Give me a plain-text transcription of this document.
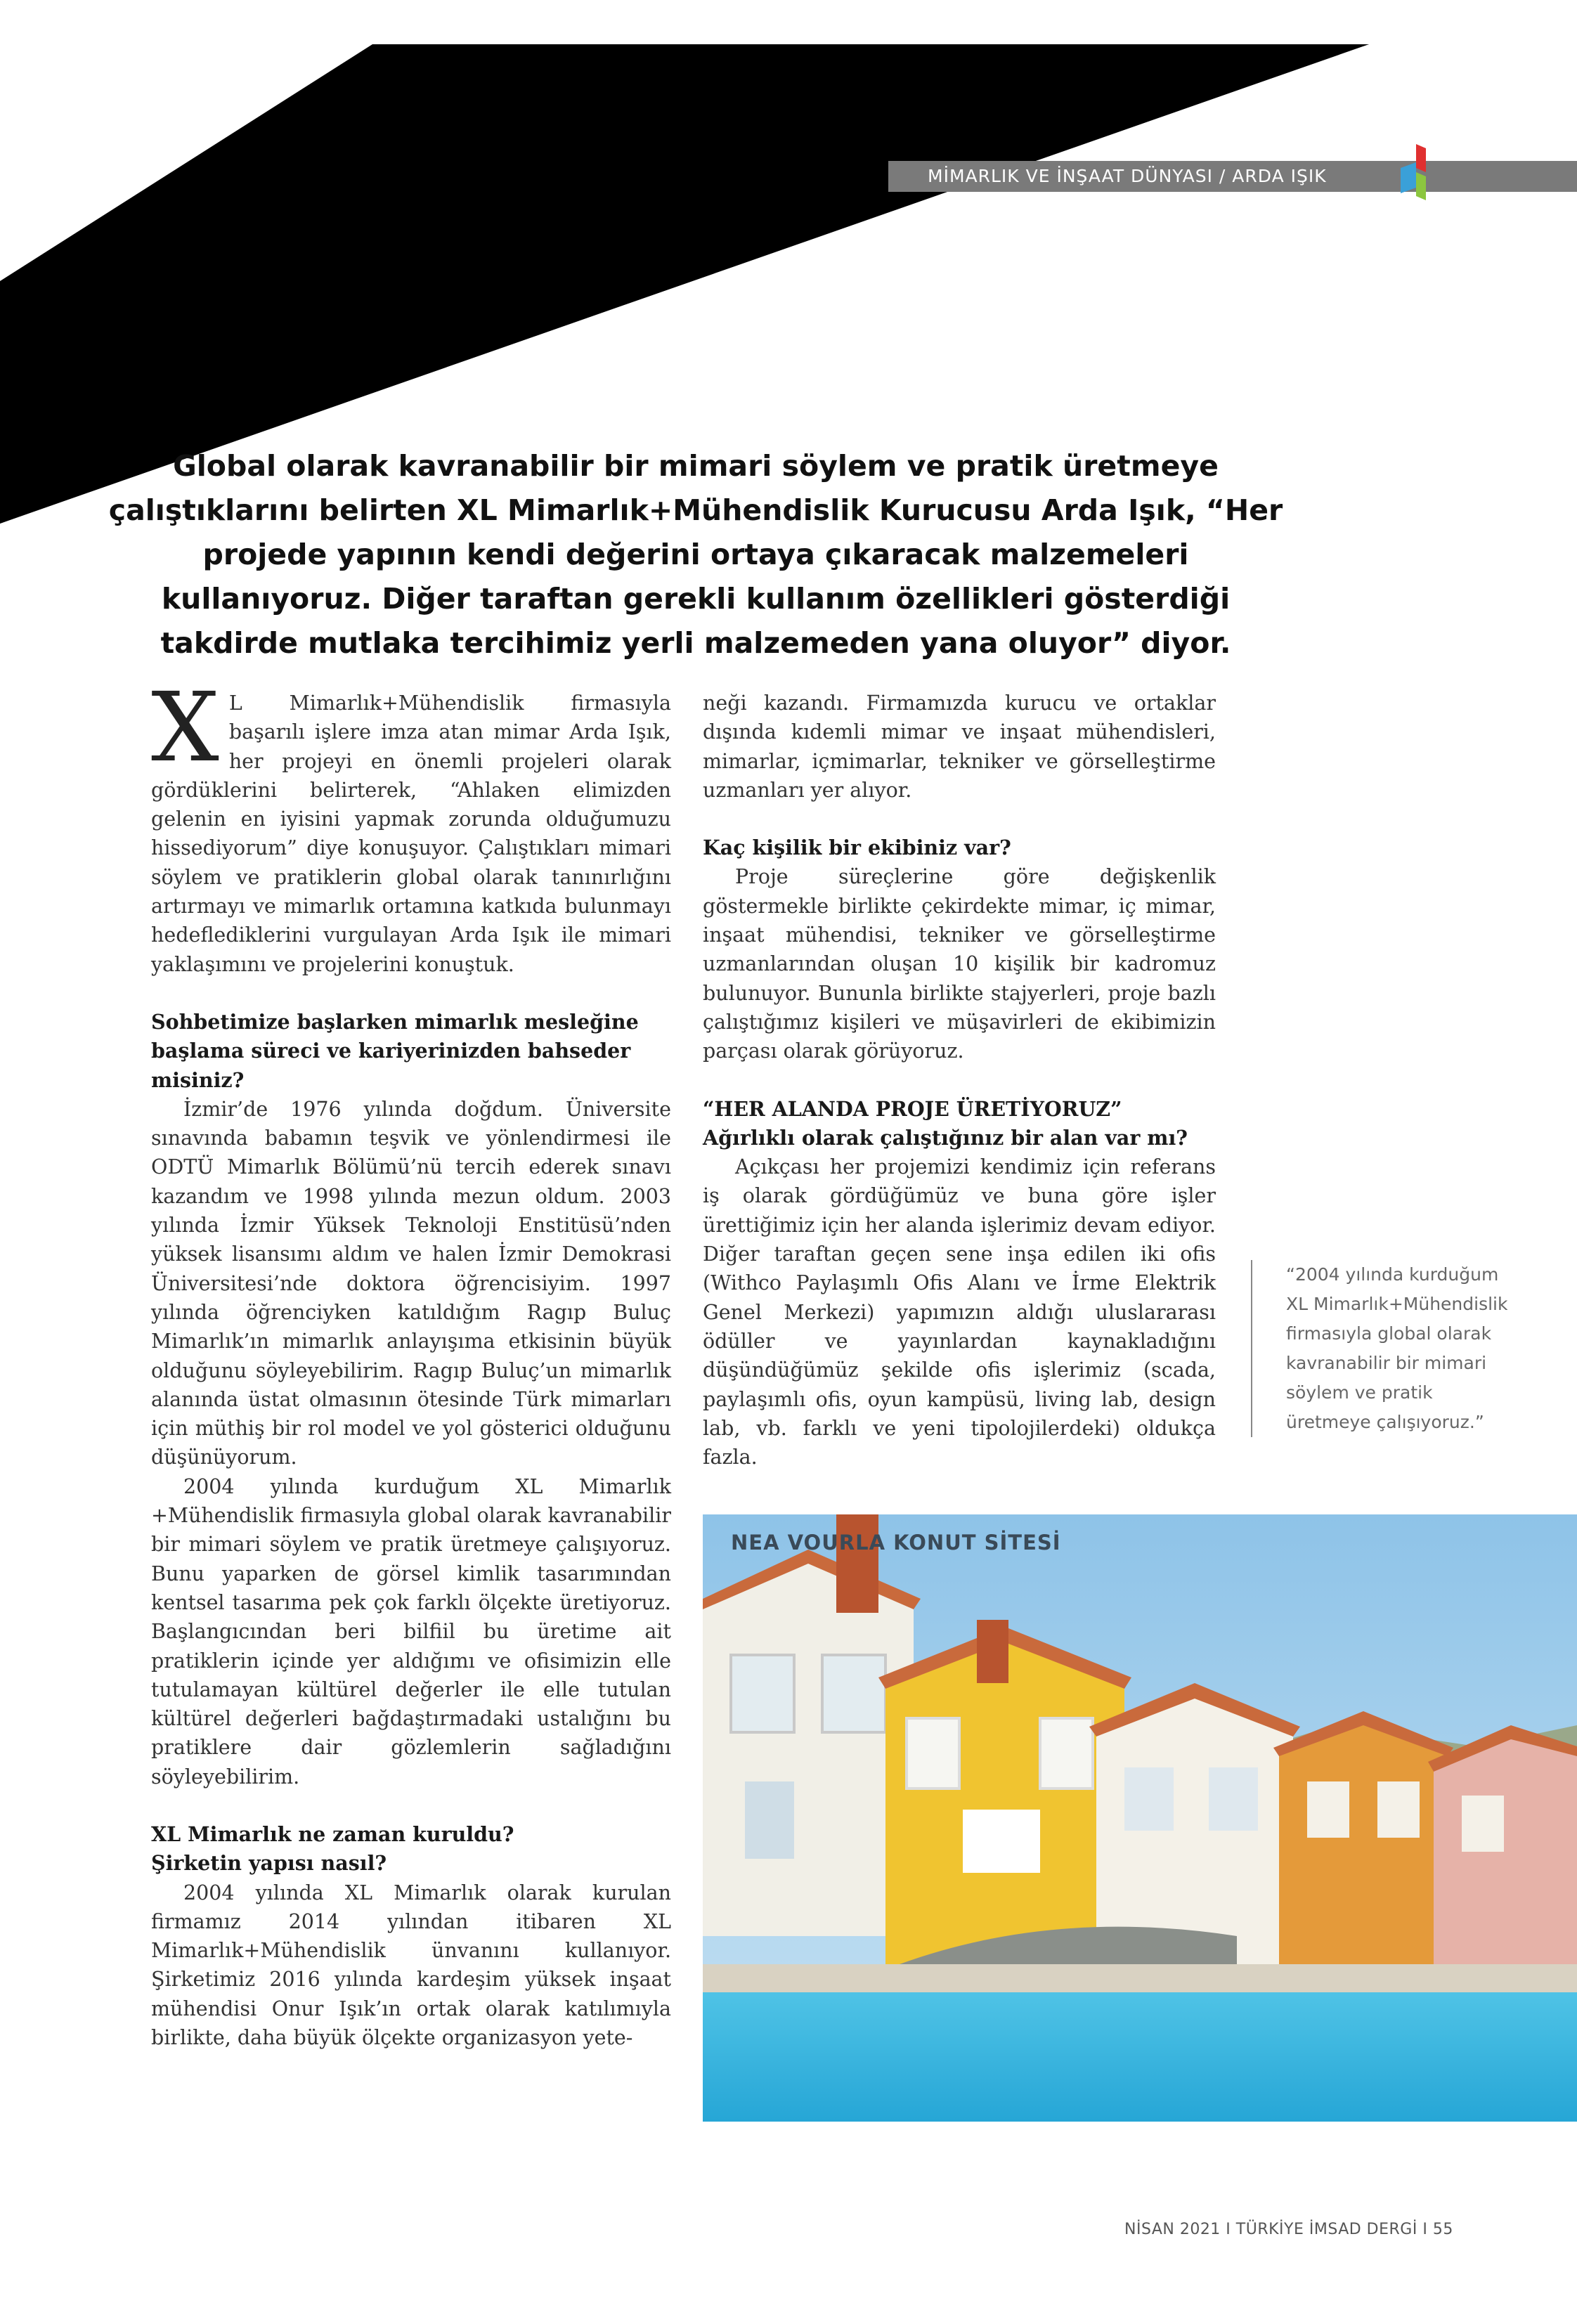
MİMARLIK VE İNŞAAT DÜNYASI / ARDA IŞIK
Global olarak kavranabilir bir mimari söylem ve pratik üretmeye çalıştıklarını belirten XL Mimarlık+Mühendislik Kurucusu Arda Işık, “Her projede yapının kendi değerini ortaya çıkaracak malzemeleri kullanıyoruz. Diğer taraftan gerekli kullanım özellikleri gösterdiği takdirde mutlaka tercihimiz yerli malzemeden yana oluyor” diyor.

X L Mimarlık+Mühendislik firmasıyla başarılı işlere imza atan mimar Arda Işık, her projeyi en önemli projeleri olarak gördüklerini belirterek, “Ahlaken elimizden gelenin en iyisini yapmak zorunda olduğumuzu hissediyorum” diye konuşuyor. Çalıştıkları mimari söylem ve pratiklerin global olarak tanınırlığını artırmayı ve mimarlık ortamına katkıda bulunmayı hedeflediklerini vurgulayan Arda Işık ile mimari yaklaşımını ve projelerini konuştuk.

Sohbetimize başlarken mimarlık mesleğine başlama süreci ve kariyerinizden bahseder misiniz?

İzmir’de 1976 yılında doğdum. Üniversite sınavında babamın teşvik ve yönlendirmesi ile ODTÜ Mimarlık Bölümü’nü tercih ederek sınavı kazandım ve 1998 yılında mezun oldum. 2003 yılında İzmir Yüksek Teknoloji Enstitüsü’nden yüksek lisansımı aldım ve halen İzmir Demokrasi Üniversitesi’nde doktora öğrencisiyim. 1997 yılında öğrenciyken katıldığım Ragıp Buluç Mimarlık’ın mimarlık anlayışıma etkisinin büyük olduğunu söyleyebilirim. Ragıp Buluç’un mimarlık alanında üstat olmasının ötesinde Türk mimarları için müthiş bir rol model ve yol gösterici olduğunu düşünüyorum.

2004 yılında kurduğum XL Mimarlık +Mühendislik firmasıyla global olarak kavranabilir bir mimari söylem ve pratik üretmeye çalışıyoruz. Bunu yaparken de görsel kimlik tasarımından kentsel tasarıma pek çok farklı ölçekte üretiyoruz. Başlangıcından beri bilfiil bu üretime ait pratiklerin içinde yer aldığımı ve ofisimizin elle tutulamayan kültürel değerler ile elle tutulan kültürel değerleri bağdaştırmadaki ustalığını bu pratiklere dair gözlemlerin sağladığını söyleyebilirim.

XL Mimarlık ne zaman kuruldu?
Şirketin yapısı nasıl?

2004 yılında XL Mimarlık olarak kurulan firmamız 2014 yılından itibaren XL Mimarlık+Mühendislik ünvanını kullanıyor. Şirketimiz 2016 yılında kardeşim yüksek inşaat mühendisi Onur Işık’ın ortak olarak katılımıyla birlikte, daha büyük ölçekte organizasyon yete-

neği kazandı. Firmamızda kurucu ve ortaklar dışında kıdemli mimar ve inşaat mühendisleri, mimarlar, içmimarlar, tekniker ve görselleştirme uzmanları yer alıyor.

Kaç kişilik bir ekibiniz var?

Proje süreçlerine göre değişkenlik göstermekle birlikte çekirdekte mimar, iç mimar, inşaat mühendisi, tekniker ve görselleştirme uzmanlarından oluşan 10 kişilik bir kadromuz bulunuyor. Bununla birlikte stajyerleri, proje bazlı çalıştığımız kişileri ve müşavirleri de ekibimizin parçası olarak görüyoruz.

“HER ALANDA PROJE ÜRETİYORUZ”
Ağırlıklı olarak çalıştığınız bir alan var mı?

Açıkçası her projemizi kendimiz için referans iş olarak gördüğümüz ve buna göre işler ürettiğimiz için her alanda işlerimiz devam ediyor. Diğer taraftan geçen sene inşa edilen iki ofis (Withco Paylaşımlı Ofis Alanı ve İrme Elektrik Genel Merkezi) yapımızın aldığı uluslararası ödüller ve yayınlardan kaynakladığını düşündüğümüz şekilde ofis işlerimiz (scada, paylaşımlı ofis, oyun kampüsü, living lab, design lab, vb. farklı ve yeni tipolojilerdeki) oldukça fazla.

“2004 yılında kurduğum XL Mimarlık+Mühendislik firmasıyla global olarak kavranabilir bir mimari söylem ve pratik üretmeye çalışıyoruz.”
NEA VOURLA KONUT SİTESİ
NİSAN 2021 I TÜRKİYE İMSAD DERGİ I 55
